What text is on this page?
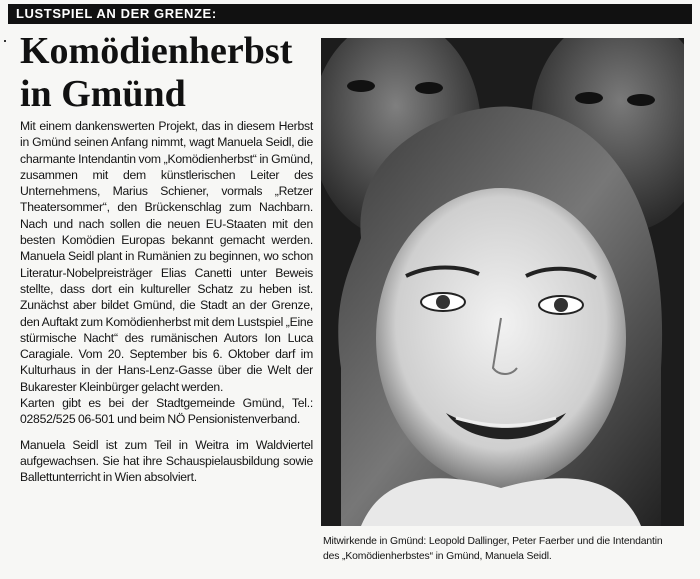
LUSTSPIEL AN DER GRENZE:
Komödienherbst
in Gmünd

Mit einem dankenswerten Projekt, das in diesem Herbst in Gmünd seinen Anfang nimmt, wagt Manuela Seidl, die charmante Intendantin vom „Komödienherbst“ in Gmünd, zusammen mit dem künstlerischen Leiter des Unternehmens, Marius Schiener, vormals „Retzer Theatersommer“, den Brückenschlag zum Nachbarn. Nach und nach sollen die neuen EU-Staaten mit den besten Komödien Europas bekannt gemacht werden. Manuela Seidl plant in Rumänien zu beginnen, wo schon Literatur-Nobelpreisträger Elias Canetti unter Beweis stellte, dass dort ein kultureller Schatz zu heben ist. Zunächst aber bildet Gmünd, die Stadt an der Grenze, den Auftakt zum Komödienherbst mit dem Lustspiel „Eine stürmische Nacht“ des rumänischen Autors Ion Luca Caragiale. Vom 20. September bis 6. Oktober darf im Kulturhaus in der Hans-Lenz-Gasse über die Welt der Bukarester Kleinbürger gelacht werden.

Karten gibt es bei der Stadtgemeinde Gmünd, Tel.: 02852/525 06-501 und beim NÖ Pensionistenverband.

Manuela Seidl ist zum Teil in Weitra im Waldviertel aufgewachsen. Sie hat ihre Schauspielausbildung sowie Ballettunterricht in Wien absolviert.

Mitwirkende in Gmünd: Leopold Dallinger, Peter Faerber und die Intendantin
des „Komödienherbstes“ in Gmünd, Manuela Seidl.
